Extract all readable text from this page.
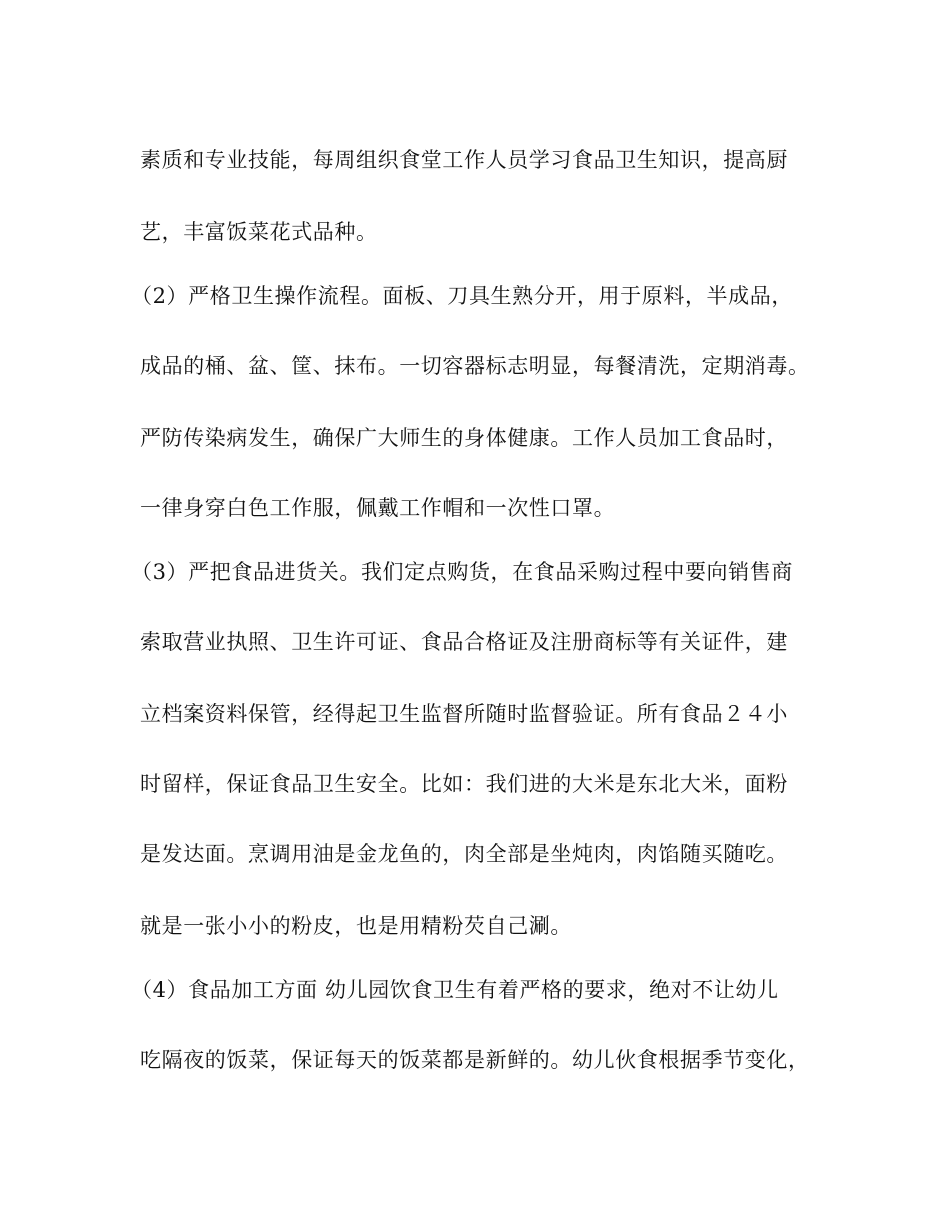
素质和专业技能，每周组织食堂工作人员学习食品卫生知识，提高厨
艺，丰富饭菜花式品种。
（2）严格卫生操作流程。面板、刀具生熟分开，用于原料，半成品，
成品的桶、盆、筐、抹布。一切容器标志明显，每餐清洗，定期消毒。
严防传染病发生，确保广大师生的身体健康。工作人员加工食品时，
一律身穿白色工作服，佩戴工作帽和一次性口罩。
（3）严把食品进货关。我们定点购货，在食品采购过程中要向销售商
索取营业执照、卫生许可证、食品合格证及注册商标等有关证件，建
立档案资料保管，经得起卫生监督所随时监督验证。所有食品２４小
时留样，保证食品卫生安全。比如：我们进的大米是东北大米，面粉
是发达面。烹调用油是金龙鱼的，肉全部是坐炖肉，肉馅随买随吃。
就是一张小小的粉皮，也是用精粉芡自己涮。
（4）食品加工方面 幼儿园饮食卫生有着严格的要求，绝对不让幼儿
吃隔夜的饭菜，保证每天的饭菜都是新鲜的。幼儿伙食根据季节变化，
